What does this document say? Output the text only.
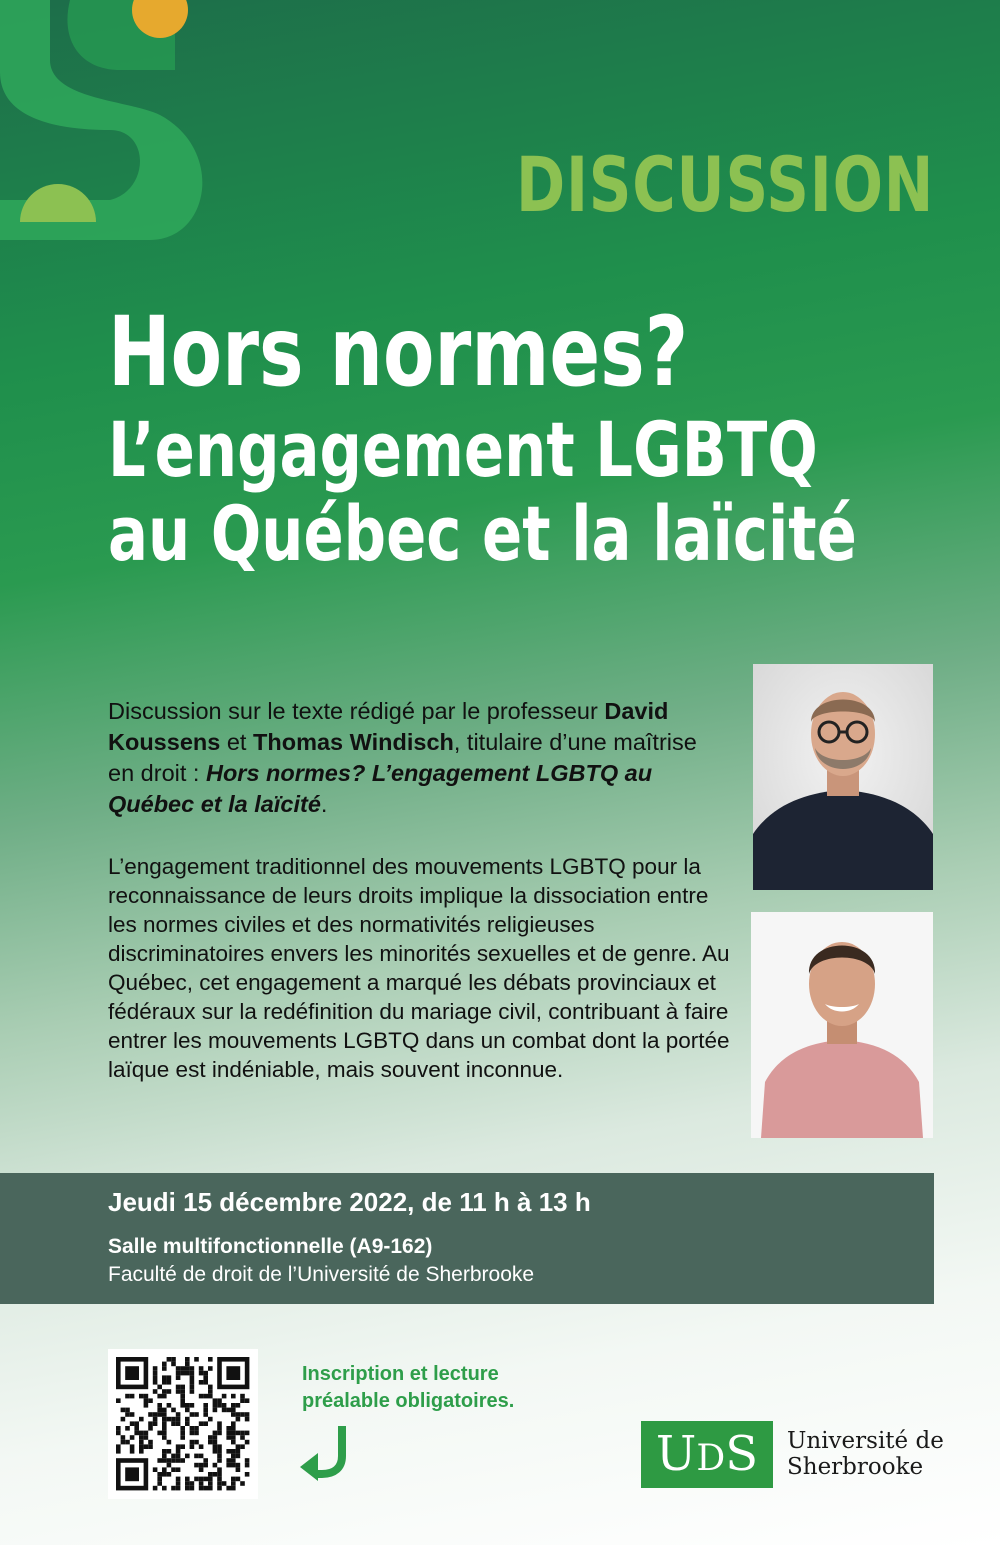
DISCUSSION
Hors normes?
L’engagement LGBTQ
au Québec et la laïcité
Discussion sur le texte rédigé par le professeur David Koussens et Thomas Windisch, titulaire d’une maîtrise en droit : Hors normes? L’engagement LGBTQ au Québec et la laïcité.
L’engagement traditionnel des mouvements LGBTQ pour la reconnaissance de leurs droits implique la dissociation entre les normes civiles et des normativités religieuses discriminatoires envers les minorités sexuelles et de genre. Au Québec, cet engagement a marqué les débats provinciaux et fédéraux sur la redéfinition du mariage civil, contribuant à faire entrer les mouvements LGBTQ dans un combat dont la portée laïque est indéniable, mais souvent inconnue.
Jeudi 15 décembre 2022, de 11 h à 13 h
Salle multifonctionnelle (A9-162)
Faculté de droit de l’Université de Sherbrooke
Inscription et lecture
préalable obligatoires.
UDS	Université de
Sherbrooke
